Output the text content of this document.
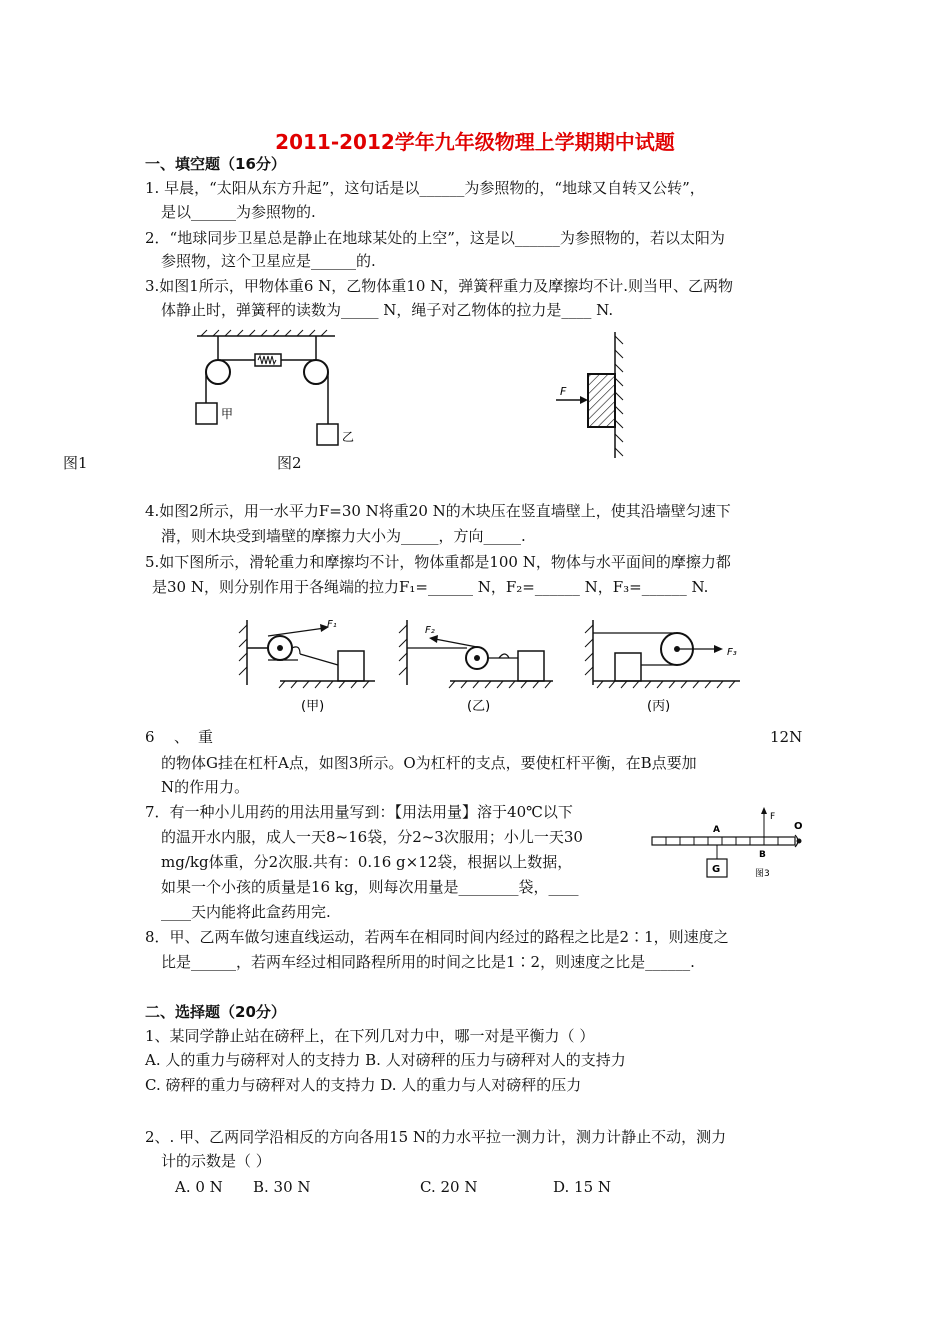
2011-2012学年九年级物理上学期期中试题
一、填空题（16分）
1. 早晨，“太阳从东方升起”，这句话是以______为参照物的，“地球又自转又公转”，
是以______为参照物的.
2．“地球同步卫星总是静止在地球某处的上空”，这是以______为参照物的，若以太阳为
参照物，这个卫星应是______的.
3.如图1所示，甲物体重6 N，乙物体重10 N，弹簧秤重力及摩擦均不计.则当甲、乙两物
体静止时，弹簧秤的读数为_____ N，绳子对乙物体的拉力是____ N.
甲
乙
F
图1	图2
4.如图2所示，用一水平力F=30 N将重20 N的木块压在竖直墙壁上，使其沿墙壁匀速下
滑，则木块受到墙壁的摩擦力大小为_____，方向_____.
5.如下图所示，滑轮重力和摩擦均不计，物体重都是100 N，物体与水平面间的摩擦力都
是30 N，则分别作用于各绳端的拉力F₁=______ N，F₂=______ N，F₃=______ N.
F₁
(甲)
F₂
(乙)
F₃
(丙)
6 、 重	12N
的物体G挂在杠杆A点，如图3所示。O为杠杆的支点，要使杠杆平衡，在B点要加
N的作用力。
7．有一种小儿用药的用法用量写到：【用法用量】溶于40℃以下
的温开水内服，成人一天8~16袋，分2~3次服用；小儿一天30
mg/kg体重，分2次服.共有：0.16 g×12袋，根据以上数据，
如果一个小孩的质量是16 kg，则每次用量是________袋，____
____天内能将此盒药用完.
O
A
G
F
B
图3
8．甲、乙两车做匀速直线运动，若两车在相同时间内经过的路程之比是2∶1，则速度之
比是______，若两车经过相同路程所用的时间之比是1∶2，则速度之比是______.
二、选择题（20分）
1、某同学静止站在磅秤上，在下列几对力中，哪一对是平衡力（ ）
A. 人的重力与磅秤对人的支持力 B. 人对磅秤的压力与磅秤对人的支持力
C. 磅秤的重力与磅秤对人的支持力 D. 人的重力与人对磅秤的压力
2、. 甲、乙两同学沿相反的方向各用15 N的力水平拉一测力计，测力计静止不动，测力
计的示数是（ ）
A. 0 N B. 30 N	C. 20 N	D. 15 N
